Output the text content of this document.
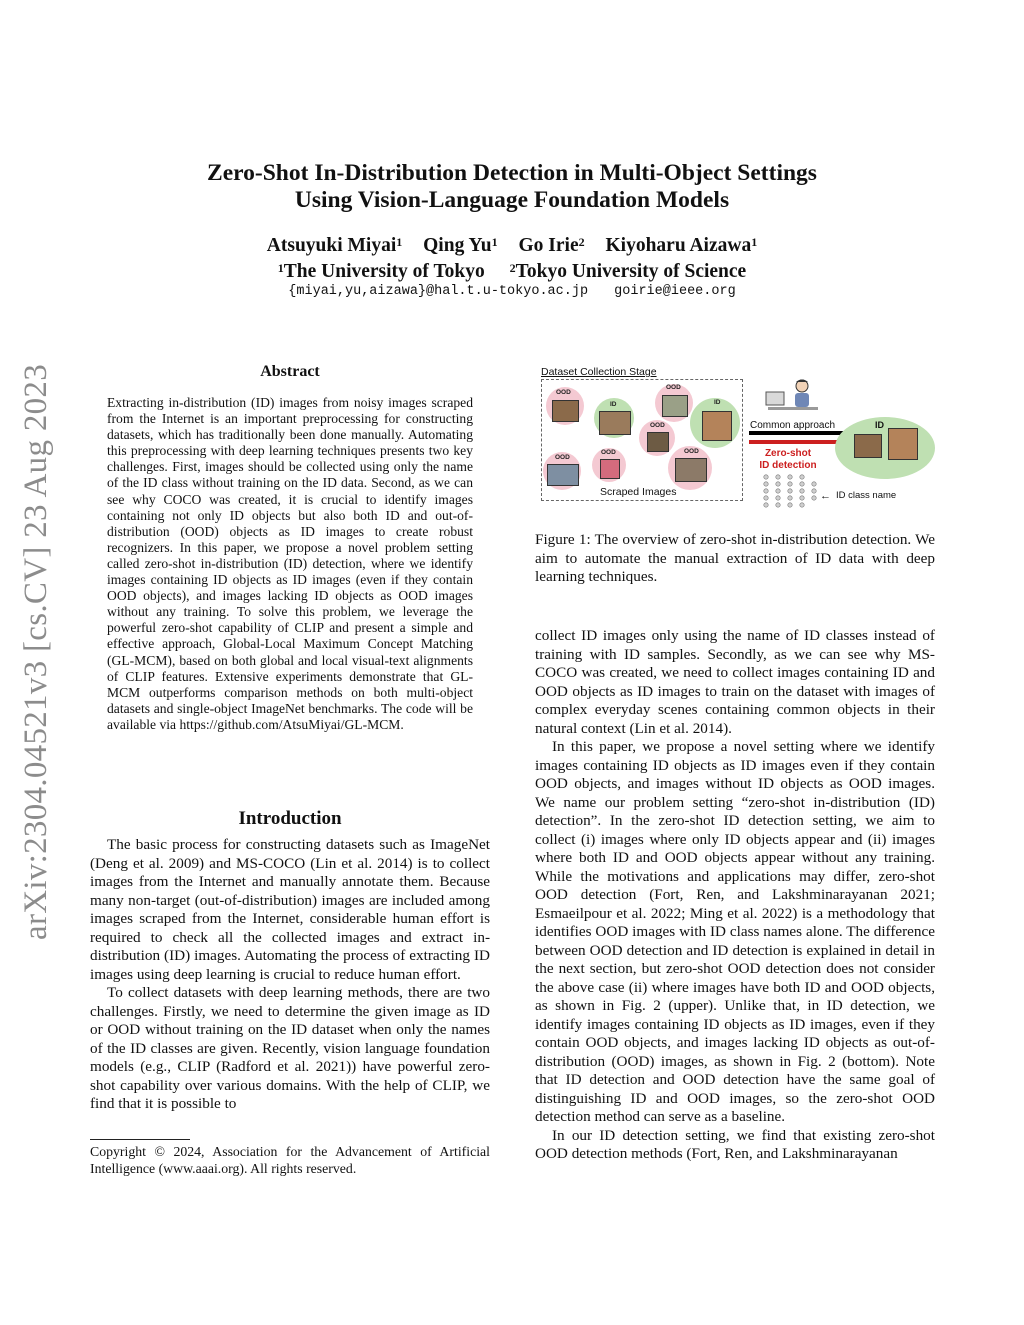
arXiv:2304.04521v3 [cs.CV] 23 Aug 2023
Zero-Shot In-Distribution Detection in Multi-Object Settings
Using Vision-Language Foundation Models
Atsuyuki Miyai$^1$ Qing Yu$^1$ Go Irie$^2$ Kiyoharu Aizawa$^1$
$^1$The University of Tokyo $^2$Tokyo University of Science
{miyai,yu,aizawa}@hal.t.u-tokyo.ac.jp goirie@ieee.org
Abstract
Extracting in-distribution (ID) images from noisy images scraped from the Internet is an important preprocessing for constructing datasets, which has traditionally been done manually. Automating this preprocessing with deep learning techniques presents two key challenges. First, images should be collected using only the name of the ID class without training on the ID data. Second, as we can see why COCO was created, it is crucial to identify images containing not only ID objects but also both ID and out-of-distribution (OOD) objects as ID images to create robust recognizers. In this paper, we propose a novel problem setting called zero-shot in-distribution (ID) detection, where we identify images containing ID objects as ID images (even if they contain OOD objects), and images lacking ID objects as OOD images without any training. To solve this problem, we leverage the powerful zero-shot capability of CLIP and present a simple and effective approach, Global-Local Maximum Concept Matching (GL-MCM), based on both global and local visual-text alignments of CLIP features. Extensive experiments demonstrate that GL-MCM outperforms comparison methods on both multi-object datasets and single-object ImageNet benchmarks. The code will be available via https://github.com/AtsuMiyai/GL-MCM.
Introduction

The basic process for constructing datasets such as ImageNet (Deng et al. 2009) and MS-COCO (Lin et al. 2014) is to collect images from the Internet and manually annotate them. Because many non-target (out-of-distribution) images are included among images scraped from the Internet, considerable human effort is required to check all the collected images and extract in-distribution (ID) images. Automating the process of extracting ID images using deep learning is crucial to reduce human effort.

To collect datasets with deep learning methods, there are two challenges. Firstly, we need to determine the given image as ID or OOD without training on the ID dataset when only the names of the ID classes are given. Recently, vision language foundation models (e.g., CLIP (Radford et al. 2021)) have powerful zero-shot capability over various domains. With the help of CLIP, we find that it is possible to

Copyright © 2024, Association for the Advancement of Artificial Intelligence (www.aaai.org). All rights reserved.
Dataset Collection Stage
OOD
ID
OOD
ID
OOD
OOD
OOD	OOD
Scraped Images
Common approach
Zero-shot
ID detection
ID
← ID class name
Figure 1: The overview of zero-shot in-distribution detection. We aim to automate the manual extraction of ID data with deep learning techniques.

collect ID images only using the name of ID classes instead of training with ID samples. Secondly, as we can see why MS-COCO was created, we need to collect images containing ID and OOD objects as ID images to train on the dataset with images of complex everyday scenes containing common objects in their natural context (Lin et al. 2014).

In this paper, we propose a novel setting where we identify images containing ID objects as ID images even if they contain OOD objects, and images without ID objects as OOD images. We name our problem setting “zero-shot in-distribution (ID) detection”. In the zero-shot ID detection setting, we aim to collect (i) images where only ID objects appear and (ii) images where both ID and OOD objects appear without any training. While the motivations and applications may differ, zero-shot OOD detection (Fort, Ren, and Lakshminarayanan 2021; Esmaeilpour et al. 2022; Ming et al. 2022) is a methodology that identifies OOD images with ID class names alone. The difference between OOD detection and ID detection is explained in detail in the next section, but zero-shot OOD detection does not consider the above case (ii) where images have both ID and OOD objects, as shown in Fig. 2 (upper). Unlike that, in ID detection, we identify images containing ID objects as ID images, even if they contain OOD objects, and images lacking ID objects as out-of-distribution (OOD) images, as shown in Fig. 2 (bottom). Note that ID detection and OOD detection have the same goal of distinguishing ID and OOD images, so the zero-shot OOD detection method can serve as a baseline.

In our ID detection setting, we find that existing zero-shot OOD detection methods (Fort, Ren, and Lakshminarayanan
